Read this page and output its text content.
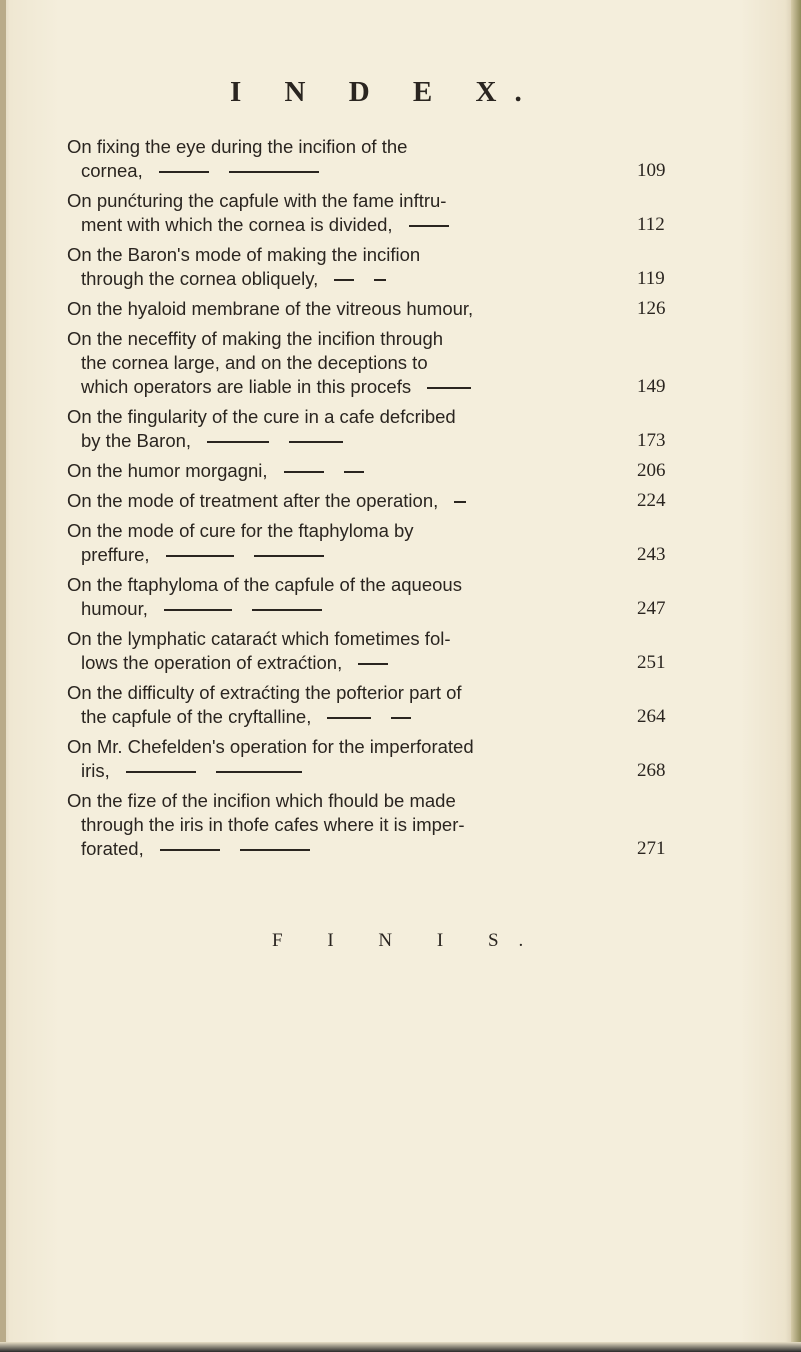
I N D E X.
On fixing the eye during the incifion of the
cornea,	109
On punćturing the capfule with the fame inftru-
ment with which the cornea is divided,	112
On the Baron's mode of making the incifion
through the cornea obliquely,	119
On the hyaloid membrane of the vitreous humour,	126
On the neceffity of making the incifion through
the cornea large, and on the deceptions to
which operators are liable in this procefs	149
On the fingularity of the cure in a cafe defcribed
by the Baron,	173
On the humor morgagni,	206
On the mode of treatment after the operation,	224
On the mode of cure for the ftaphyloma by
preffure,	243
On the ftaphyloma of the capfule of the aqueous
humour,	247
On the lymphatic cataraćt which fometimes fol-
lows the operation of extraćtion,	251
On the difficulty of extraćting the pofterior part of
the capfule of the cryftalline,	264
On Mr. Chefelden's operation for the imperforated
iris,	268
On the fize of the incifion which fhould be made
through the iris in thofe cafes where it is imper-
forated,	271
F I N I S.
